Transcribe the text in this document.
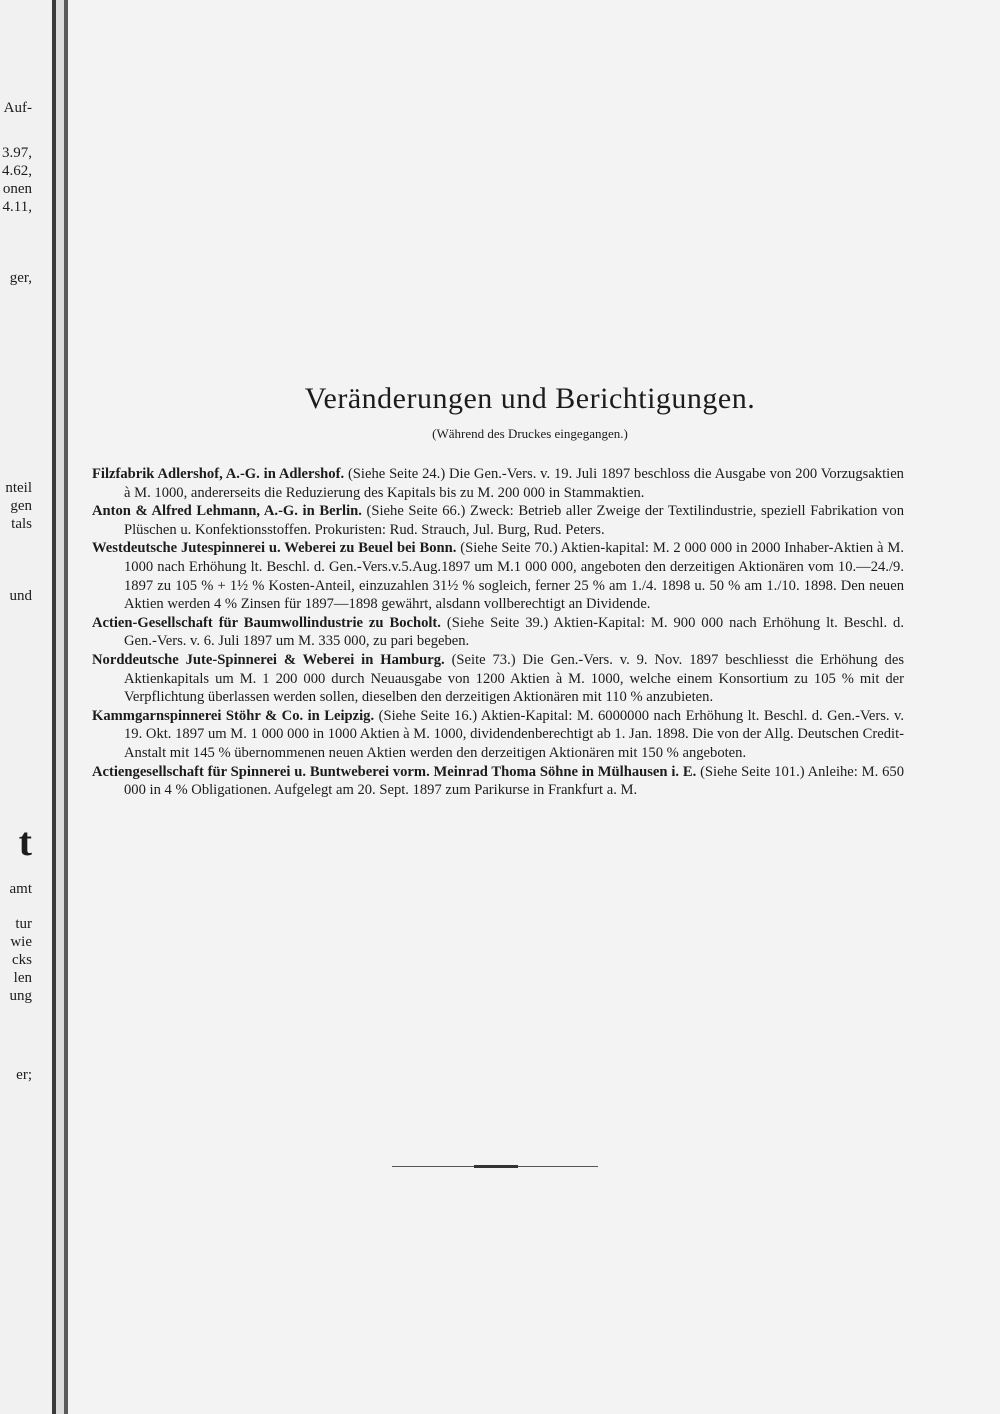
Auf-
3.97,
4.62,
onen
4.11,
ger,
nteil
gen
tals
und
amt
tur
wie
cks
len
ung
er;
t
Veränderungen und Berichtigungen.
(Während des Druckes eingegangen.)

Filzfabrik Adlershof, A.-G. in Adlershof. (Siehe Seite 24.) Die Gen.-Vers. v. 19. Juli 1897 beschloss die Ausgabe von 200 Vorzugsaktien à M. 1000, andererseits die Reduzierung des Kapitals bis zu M. 200 000 in Stammaktien.

Anton & Alfred Lehmann, A.-G. in Berlin. (Siehe Seite 66.) Zweck: Betrieb aller Zweige der Textilindustrie, speziell Fabrikation von Plüschen u. Konfektionsstoffen. Prokuristen: Rud. Strauch, Jul. Burg, Rud. Peters.

Westdeutsche Jutespinnerei u. Weberei zu Beuel bei Bonn. (Siehe Seite 70.) Aktien-kapital: M. 2 000 000 in 2000 Inhaber-Aktien à M. 1000 nach Erhöhung lt. Beschl. d. Gen.-Vers.v.5.Aug.1897 um M.1 000 000, angeboten den derzeitigen Aktionären vom 10.—24./9. 1897 zu 105 % + 1½ % Kosten-Anteil, einzuzahlen 31½ % sogleich, ferner 25 % am 1./4. 1898 u. 50 % am 1./10. 1898. Den neuen Aktien werden 4 % Zinsen für 1897—1898 gewährt, alsdann vollberechtigt an Dividende.

Actien-Gesellschaft für Baumwollindustrie zu Bocholt. (Siehe Seite 39.) Aktien-Kapital: M. 900 000 nach Erhöhung lt. Beschl. d. Gen.-Vers. v. 6. Juli 1897 um M. 335 000, zu pari begeben.

Norddeutsche Jute-Spinnerei & Weberei in Hamburg. (Seite 73.) Die Gen.-Vers. v. 9. Nov. 1897 beschliesst die Erhöhung des Aktienkapitals um M. 1 200 000 durch Neuausgabe von 1200 Aktien à M. 1000, welche einem Konsortium zu 105 % mit der Verpflichtung überlassen werden sollen, dieselben den derzeitigen Aktionären mit 110 % anzubieten.

Kammgarnspinnerei Stöhr & Co. in Leipzig. (Siehe Seite 16.) Aktien-Kapital: M. 6000000 nach Erhöhung lt. Beschl. d. Gen.-Vers. v. 19. Okt. 1897 um M. 1 000 000 in 1000 Aktien à M. 1000, dividendenberechtigt ab 1. Jan. 1898. Die von der Allg. Deutschen Credit-Anstalt mit 145 % übernommenen neuen Aktien werden den derzeitigen Aktionären mit 150 % angeboten.

Actiengesellschaft für Spinnerei u. Buntweberei vorm. Meinrad Thoma Söhne in Mülhausen i. E. (Siehe Seite 101.) Anleihe: M. 650 000 in 4 % Obligationen. Aufgelegt am 20. Sept. 1897 zum Parikurse in Frankfurt a. M.
